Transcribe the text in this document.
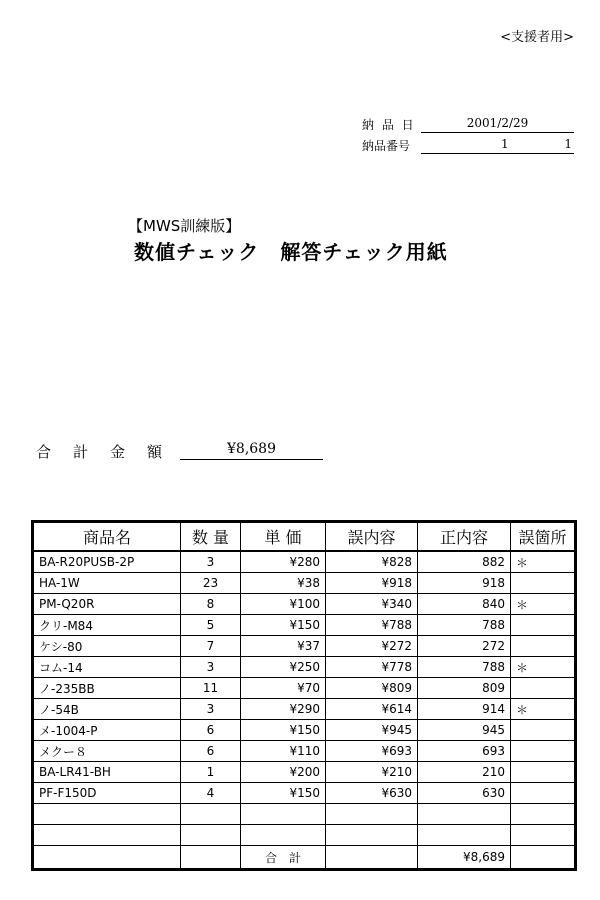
<支援者用>
納 品 日	2001/2/29
納品番号	1	1
【MWS訓練版】
数値チェック　解答チェック用紙
合計金額	¥8,689
商品名	数 量	単 価	誤内容	正内容	誤箇所
BA-R20PUSB-2P	3	¥280	¥828	882	＊
HA-1W	23	¥38	¥918	918	
PM-Q20R	8	¥100	¥340	840	＊
クリ-M84	5	¥150	¥788	788	
ケシ-80	7	¥37	¥272	272	
コム-14	3	¥250	¥778	788	＊
ノ-235BB	11	¥70	¥809	809	
ノ-54B	3	¥290	¥614	914	＊
メ-1004-P	6	¥150	¥945	945	
メクー８	6	¥110	¥693	693	
BA-LR41-BH	1	¥200	¥210	210	
PF-F150D	4	¥150	¥630	630	

		合　計		¥8,689	
